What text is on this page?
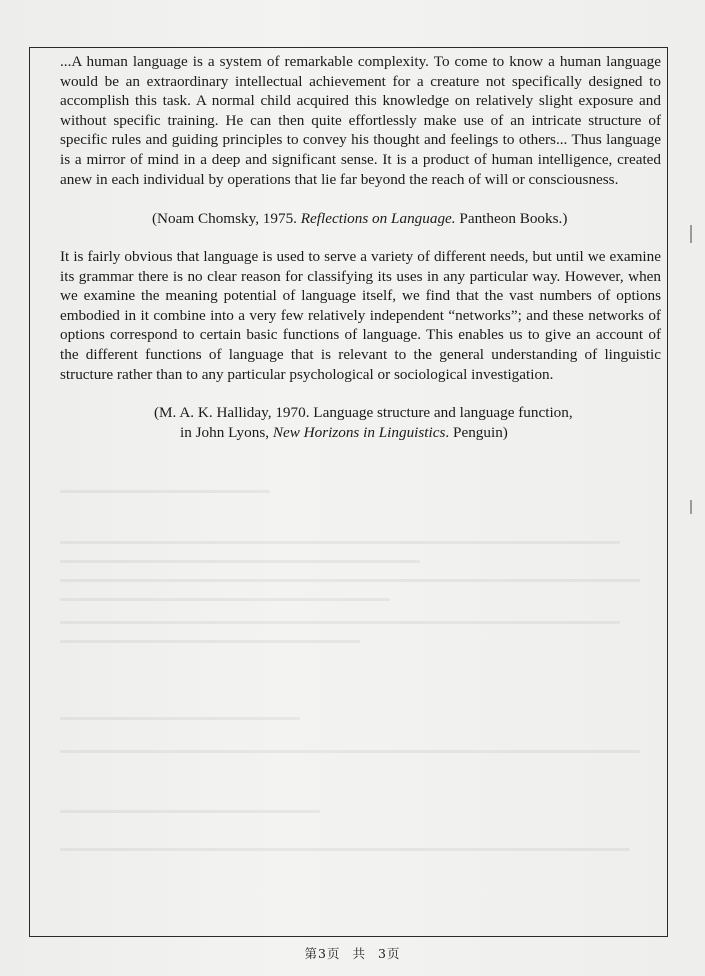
...A human language is a system of remarkable complexity. To come to know a human language would be an extraordinary intellectual achievement for a creature not specifically designed to accomplish this task. A normal child acquired this knowledge on relatively slight exposure and without specific training. He can then quite effortlessly make use of an intricate structure of specific rules and guiding principles to convey his thought and feelings to others... Thus language is a mirror of mind in a deep and significant sense. It is a product of human intelligence, created anew in each individual by operations that lie far beyond the reach of will or consciousness.

(Noam Chomsky, 1975. Reflections on Language. Pantheon Books.)

It is fairly obvious that language is used to serve a variety of different needs, but until we examine its grammar there is no clear reason for classifying its uses in any particular way. However, when we examine the meaning potential of language itself, we find that the vast numbers of options embodied in it combine into a very few relatively independent “networks”; and these networks of options correspond to certain basic functions of language. This enables us to give an account of the different functions of language that is relevant to the general understanding of linguistic structure rather than to any particular psychological or sociological investigation.

(M. A. K. Halliday, 1970. Language structure and language function,

in John Lyons, New Horizons in Linguistics. Penguin)

第3页 共 3页
